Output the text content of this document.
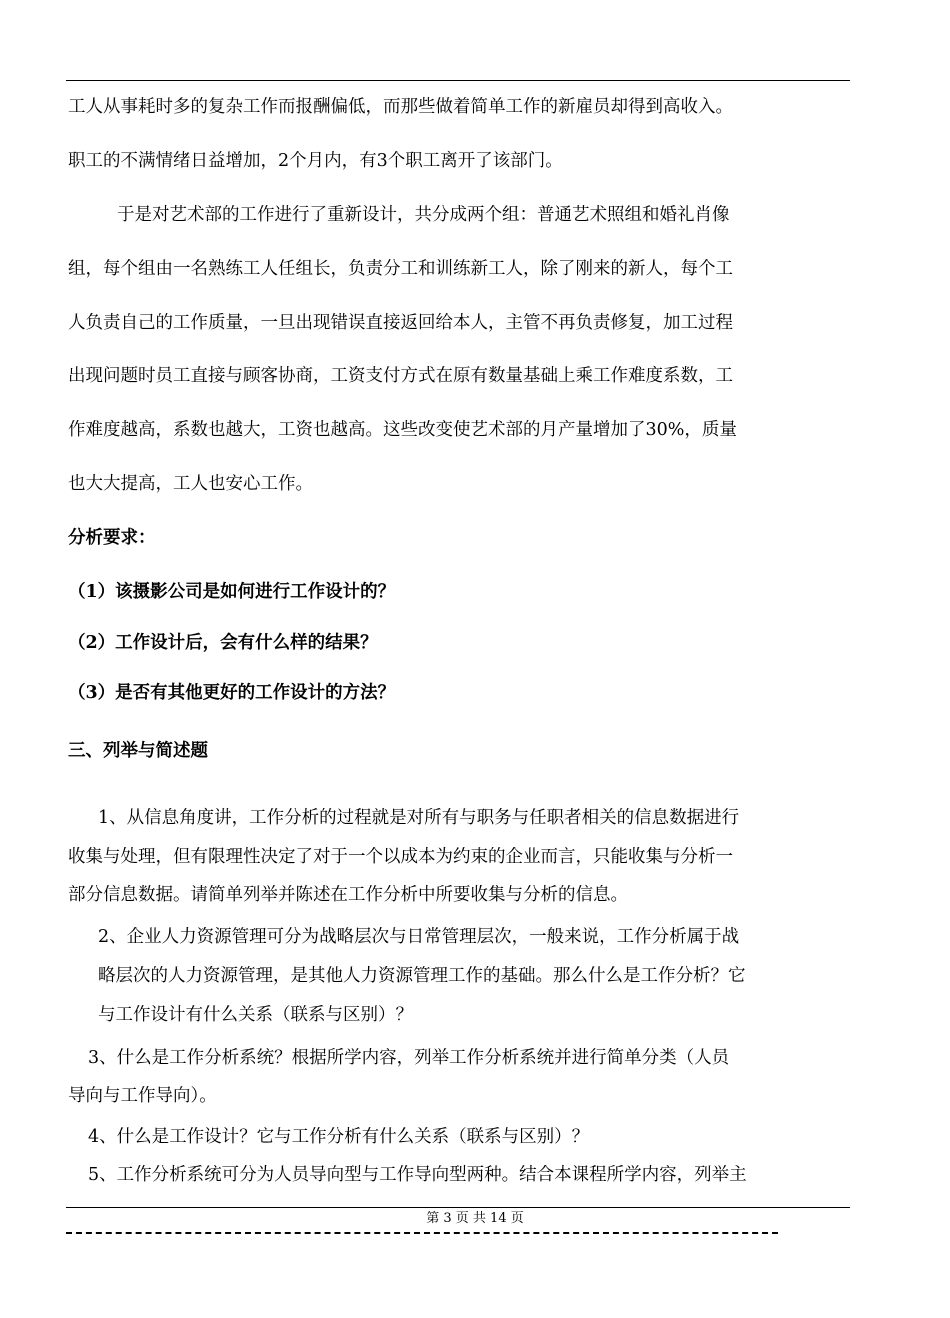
工人从事耗时多的复杂工作而报酬偏低，而那些做着简单工作的新雇员却得到高收入。
职工的不满情绪日益增加，2个月内，有3个职工离开了该部门。
于是对艺术部的工作进行了重新设计，共分成两个组：普通艺术照组和婚礼肖像
组，每个组由一名熟练工人任组长，负责分工和训练新工人，除了刚来的新人，每个工
人负责自己的工作质量，一旦出现错误直接返回给本人，主管不再负责修复，加工过程
出现问题时员工直接与顾客协商，工资支付方式在原有数量基础上乘工作难度系数，工
作难度越高，系数也越大，工资也越高。这些改变使艺术部的月产量增加了30%，质量
也大大提高，工人也安心工作。
分析要求：
（1）该摄影公司是如何进行工作设计的？
（2）工作设计后，会有什么样的结果？
（3）是否有其他更好的工作设计的方法？
三、列举与简述题
1、从信息角度讲，工作分析的过程就是对所有与职务与任职者相关的信息数据进行
收集与处理，但有限理性决定了对于一个以成本为约束的企业而言，只能收集与分析一
部分信息数据。请简单列举并陈述在工作分析中所要收集与分析的信息。
2、企业人力资源管理可分为战略层次与日常管理层次，一般来说，工作分析属于战
略层次的人力资源管理，是其他人力资源管理工作的基础。那么什么是工作分析？它
与工作设计有什么关系（联系与区别）？
3、什么是工作分析系统？根据所学内容，列举工作分析系统并进行简单分类（人员
导向与工作导向）。
4、什么是工作设计？它与工作分析有什么关系（联系与区别）？
5、工作分析系统可分为人员导向型与工作导向型两种。结合本课程所学内容，列举主
第 3 页 共 14 页
